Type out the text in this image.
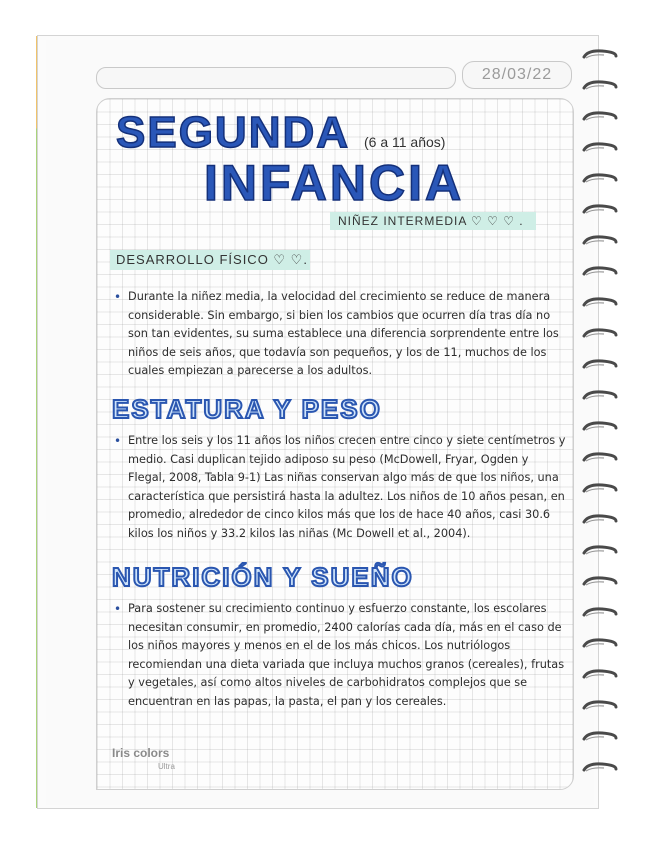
28/03/22
SEGUNDA (6 a 11 años)
INFANCIA
NIÑEZ INTERMEDIA ♡ ♡ ♡ .
DESARROLLO FÍSICO ♡ ♡.
• Durante la niñez media, la velocidad del crecimiento se reduce de manera considerable. Sin embargo, si bien los cambios que ocurren día tras día no son tan evidentes, su suma establece una diferencia sorprendente entre los niños de seis años, que todavía son pequeños, y los de 11, muchos de los cuales empiezan a parecerse a los adultos.
ESTATURA Y PESO
• Entre los seis y los 11 años los niños crecen entre cinco y siete centímetros y medio. Casi duplican tejido adiposo su peso (McDowell, Fryar, Ogden y Flegal, 2008, Tabla 9-1) Las niñas conservan algo más de que los niños, una característica que persistirá hasta la adultez. Los niños de 10 años pesan, en promedio, alrededor de cinco kilos más que los de hace 40 años, casi 30.6 kilos los niños y 33.2 kilos las niñas (Mc Dowell et al., 2004).
NUTRICIÓN Y SUEÑO
• Para sostener su crecimiento continuo y esfuerzo constante, los escolares necesitan consumir, en promedio, 2400 calorías cada día, más en el caso de los niños mayores y menos en el de los más chicos. Los nutriólogos recomiendan una dieta variada que incluya muchos granos (cereales), frutas y vegetales, así como altos niveles de carbohidratos complejos que se encuentran en las papas, la pasta, el pan y los cereales.
Iris colors
Ultra
